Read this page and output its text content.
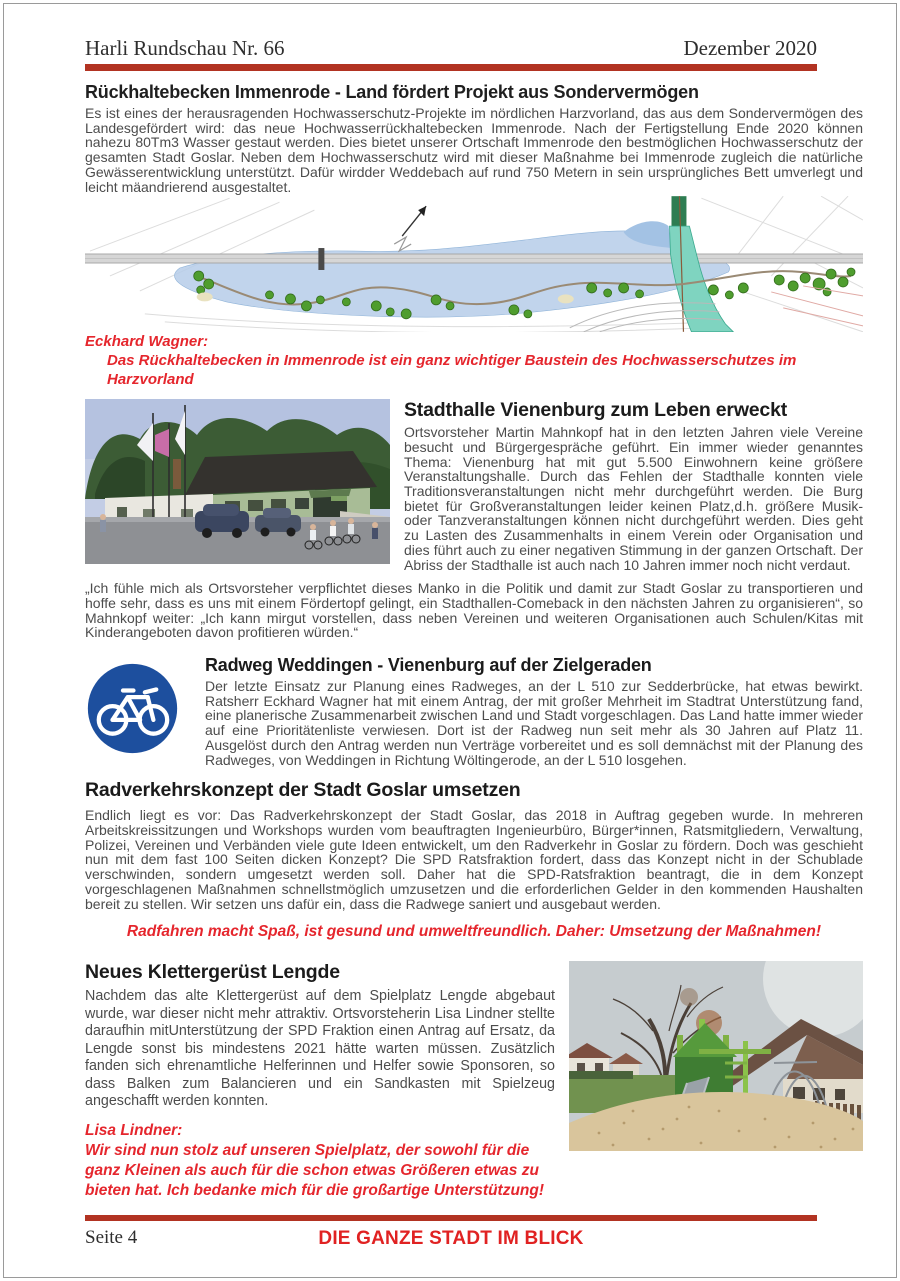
Harli Rundschau Nr. 66	Dezember 2020
Rückhaltebecken Immenrode - Land fördert Projekt aus Sondervermögen
Es ist eines der herausragenden Hochwasserschutz-Projekte im nördlichen Harzvorland, das aus dem Sondervermögen des Landesgefördert wird: das neue Hochwasserrückhaltebecken Immenrode. Nach der Fertigstellung Ende 2020 können nahezu 80Tm3 Wasser gestaut werden. Dies bietet unserer Ortschaft Immenrode den bestmöglichen Hochwasserschutz der gesamten Stadt Goslar. Neben dem Hochwasserschutz wird mit dieser Maßnahme bei Immenrode zugleich die natürliche Gewässerentwicklung unterstützt. Dafür wirdder Weddebach auf rund 750 Metern in sein ursprüngliches Bett umverlegt und leicht mäandrierend ausgestaltet.
Eckhard Wagner:
Das Rückhaltebecken in Immenrode ist ein ganz wichtiger Baustein des Hochwasserschutzes im Harzvorland
Stadthalle Vienenburg zum Leben erweckt
Ortsvorsteher Martin Mahnkopf hat in den letzten Jahren viele Vereine besucht und Bürgergespräche geführt. Ein immer wieder genanntes Thema: Vienenburg hat mit gut 5.500 Einwohnern keine größere Veranstaltungshalle. Durch das Fehlen der Stadthalle konnten viele Traditionsveranstaltungen nicht mehr durchgeführt werden. Die Burg bietet für Großveranstaltungen leider keinen Platz,d.h. größere Musik- oder Tanzveranstaltungen können nicht durchgeführt werden. Dies geht zu Lasten des Zusammenhalts in einem Verein oder Organisation und dies führt auch zu einer negativen Stimmung in der ganzen Ortschaft. Der Abriss der Stadthalle ist auch nach 10 Jahren immer noch nicht verdaut.
„Ich fühle mich als Ortsvorsteher verpflichtet dieses Manko in die Politik und damit zur Stadt Goslar zu transportieren und hoffe sehr, dass es uns mit einem Fördertopf gelingt, ein Stadthallen-Comeback in den nächsten Jahren zu organisieren“, so Mahnkopf weiter: „Ich kann mirgut vorstellen, dass neben Vereinen und weiteren Organisationen auch Schulen/Kitas mit Kinderangeboten davon profitieren würden.“
Radweg Weddingen - Vienenburg auf der Zielgeraden
Der letzte Einsatz zur Planung eines Radweges, an der L 510 zur Sedderbrücke, hat etwas bewirkt. Ratsherr Eckhard Wagner hat mit einem Antrag, der mit großer Mehrheit im Stadtrat Unterstützung fand, eine planerische Zusammenarbeit zwischen Land und Stadt vorgeschlagen. Das Land hatte immer wieder auf eine Prioritätenliste verwiesen. Dort ist der Radweg nun seit mehr als 30 Jahren auf Platz 11. Ausgelöst durch den Antrag werden nun Verträge vorbereitet und es soll demnächst mit der Planung des Radweges, von Weddingen in Richtung Wöltingerode, an der L 510 losgehen.
Radverkehrskonzept der Stadt Goslar umsetzen
Endlich liegt es vor: Das Radverkehrskonzept der Stadt Goslar, das 2018 in Auftrag gegeben wurde. In mehreren Arbeitskreissitzungen und Workshops wurden vom beauftragten Ingenieurbüro, Bürger*innen, Ratsmitgliedern, Verwaltung, Polizei, Vereinen und Verbänden viele gute Ideen entwickelt, um den Radverkehr in Goslar zu fördern. Doch was geschieht nun mit dem fast 100 Seiten dicken Konzept? Die SPD Ratsfraktion fordert, dass das Konzept nicht in der Schublade verschwinden, sondern umgesetzt werden soll. Daher hat die SPD-Ratsfraktion beantragt, die in dem Konzept vorgeschlagenen Maßnahmen schnellstmöglich umzusetzen und die erforderlichen Gelder in den kommenden Haushalten bereit zu stellen. Wir setzen uns dafür ein, dass die Radwege saniert und ausgebaut werden.
Radfahren macht Spaß, ist gesund und umweltfreundlich. Daher: Umsetzung der Maßnahmen!
Neues Klettergerüst Lengde
Nachdem das alte Klettergerüst auf dem Spielplatz Lengde abgebaut wurde, war dieser nicht mehr attraktiv. Ortsvorsteherin Lisa Lindner stellte daraufhin mitUnterstützung der SPD Fraktion einen Antrag auf Ersatz, da Lengde sonst bis mindestens 2021 hätte warten müssen. Zusätzlich fanden sich ehrenamtliche Helferinnen und Helfer sowie Sponsoren, so dass Balken zum Balancieren und ein Sandkasten mit Spielzeug angeschafft werden konnten.
Lisa Lindner:
Wir sind nun stolz auf unseren Spielplatz, der sowohl für die ganz Kleinen als auch für die schon etwas Größeren etwas zu bieten hat. Ich bedanke mich für die großartige Unterstützung!
Seite 4	DIE GANZE STADT IM BLICK
